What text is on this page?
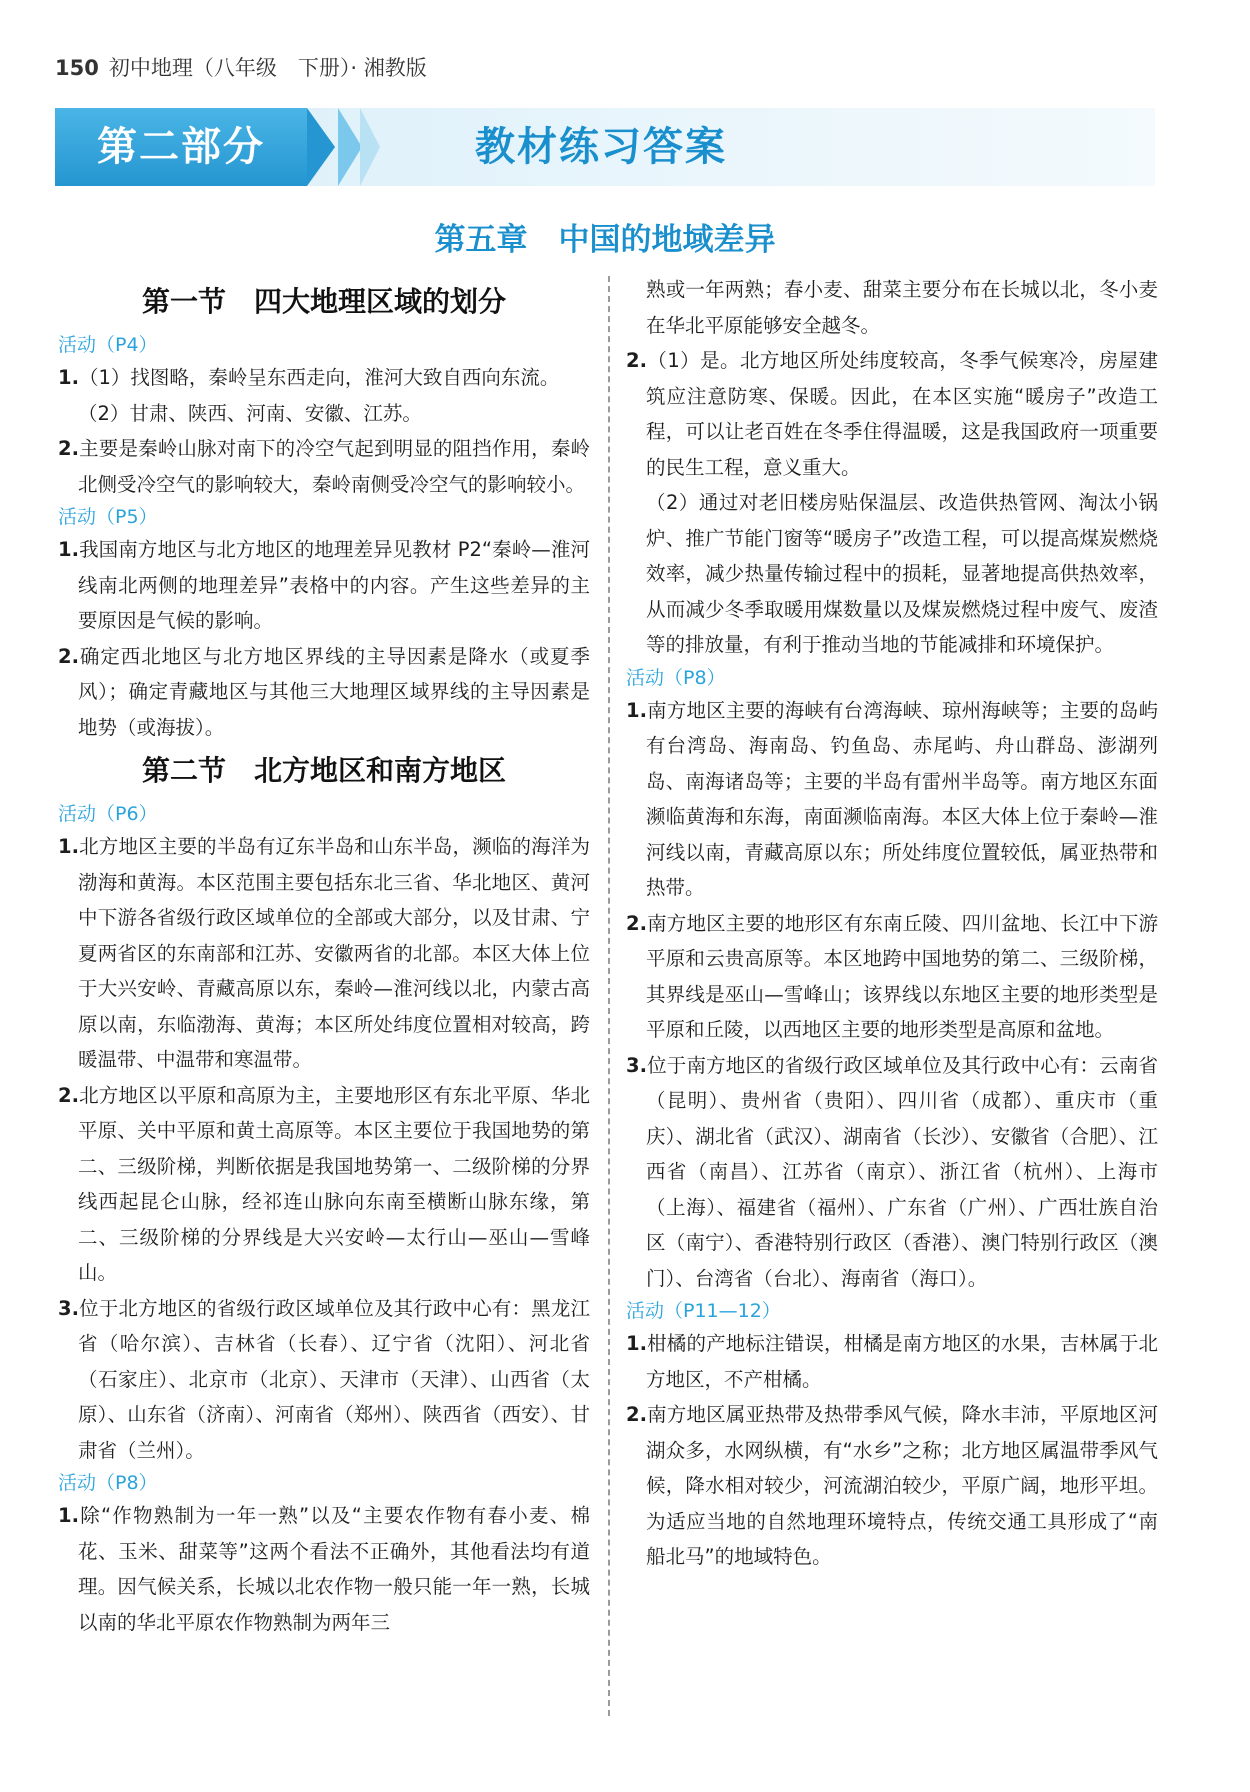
150 初中地理（八年级　下册）· 湘教版
第二部分	教材练习答案
第五章　中国的地域差异
第一节　四大地理区域的划分
活动（P4）
1.（1）找图略，秦岭呈东西走向，淮河大致自西向东流。
（2）甘肃、陕西、河南、安徽、江苏。
2.主要是秦岭山脉对南下的冷空气起到明显的阻挡作用，秦岭北侧受冷空气的影响较大，秦岭南侧受冷空气的影响较小。
活动（P5）
1.我国南方地区与北方地区的地理差异见教材 P2“秦岭—淮河线南北两侧的地理差异”表格中的内容。产生这些差异的主要原因是气候的影响。
2.确定西北地区与北方地区界线的主导因素是降水（或夏季风）；确定青藏地区与其他三大地理区域界线的主导因素是地势（或海拔）。
第二节　北方地区和南方地区
活动（P6）
1.北方地区主要的半岛有辽东半岛和山东半岛，濒临的海洋为渤海和黄海。本区范围主要包括东北三省、华北地区、黄河中下游各省级行政区域单位的全部或大部分，以及甘肃、宁夏两省区的东南部和江苏、安徽两省的北部。本区大体上位于大兴安岭、青藏高原以东，秦岭—淮河线以北，内蒙古高原以南，东临渤海、黄海；本区所处纬度位置相对较高，跨暖温带、中温带和寒温带。
2.北方地区以平原和高原为主，主要地形区有东北平原、华北平原、关中平原和黄土高原等。本区主要位于我国地势的第二、三级阶梯，判断依据是我国地势第一、二级阶梯的分界线西起昆仑山脉，经祁连山脉向东南至横断山脉东缘，第二、三级阶梯的分界线是大兴安岭—太行山—巫山—雪峰山。
3.位于北方地区的省级行政区域单位及其行政中心有：黑龙江省（哈尔滨）、吉林省（长春）、辽宁省（沈阳）、河北省（石家庄）、北京市（北京）、天津市（天津）、山西省（太原）、山东省（济南）、河南省（郑州）、陕西省（西安）、甘肃省（兰州）。
活动（P8）
1.除“作物熟制为一年一熟”以及“主要农作物有春小麦、棉花、玉米、甜菜等”这两个看法不正确外，其他看法均有道理。因气候关系，长城以北农作物一般只能一年一熟，长城以南的华北平原农作物熟制为两年三
熟或一年两熟；春小麦、甜菜主要分布在长城以北，冬小麦在华北平原能够安全越冬。
2.（1）是。北方地区所处纬度较高，冬季气候寒冷，房屋建筑应注意防寒、保暖。因此，在本区实施“暖房子”改造工程，可以让老百姓在冬季住得温暖，这是我国政府一项重要的民生工程，意义重大。
（2）通过对老旧楼房贴保温层、改造供热管网、淘汰小锅炉、推广节能门窗等“暖房子”改造工程，可以提高煤炭燃烧效率，减少热量传输过程中的损耗，显著地提高供热效率，从而减少冬季取暖用煤数量以及煤炭燃烧过程中废气、废渣等的排放量，有利于推动当地的节能减排和环境保护。
活动（P8）
1.南方地区主要的海峡有台湾海峡、琼州海峡等；主要的岛屿有台湾岛、海南岛、钓鱼岛、赤尾屿、舟山群岛、澎湖列岛、南海诸岛等；主要的半岛有雷州半岛等。南方地区东面濒临黄海和东海，南面濒临南海。本区大体上位于秦岭—淮河线以南，青藏高原以东；所处纬度位置较低，属亚热带和热带。
2.南方地区主要的地形区有东南丘陵、四川盆地、长江中下游平原和云贵高原等。本区地跨中国地势的第二、三级阶梯，其界线是巫山—雪峰山；该界线以东地区主要的地形类型是平原和丘陵，以西地区主要的地形类型是高原和盆地。
3.位于南方地区的省级行政区域单位及其行政中心有：云南省（昆明）、贵州省（贵阳）、四川省（成都）、重庆市（重庆）、湖北省（武汉）、湖南省（长沙）、安徽省（合肥）、江西省（南昌）、江苏省（南京）、浙江省（杭州）、上海市（上海）、福建省（福州）、广东省（广州）、广西壮族自治区（南宁）、香港特别行政区（香港）、澳门特别行政区（澳门）、台湾省（台北）、海南省（海口）。
活动（P11—12）
1.柑橘的产地标注错误，柑橘是南方地区的水果，吉林属于北方地区，不产柑橘。
2.南方地区属亚热带及热带季风气候，降水丰沛，平原地区河湖众多，水网纵横，有“水乡”之称；北方地区属温带季风气候，降水相对较少，河流湖泊较少，平原广阔，地形平坦。为适应当地的自然地理环境特点，传统交通工具形成了“南船北马”的地域特色。
